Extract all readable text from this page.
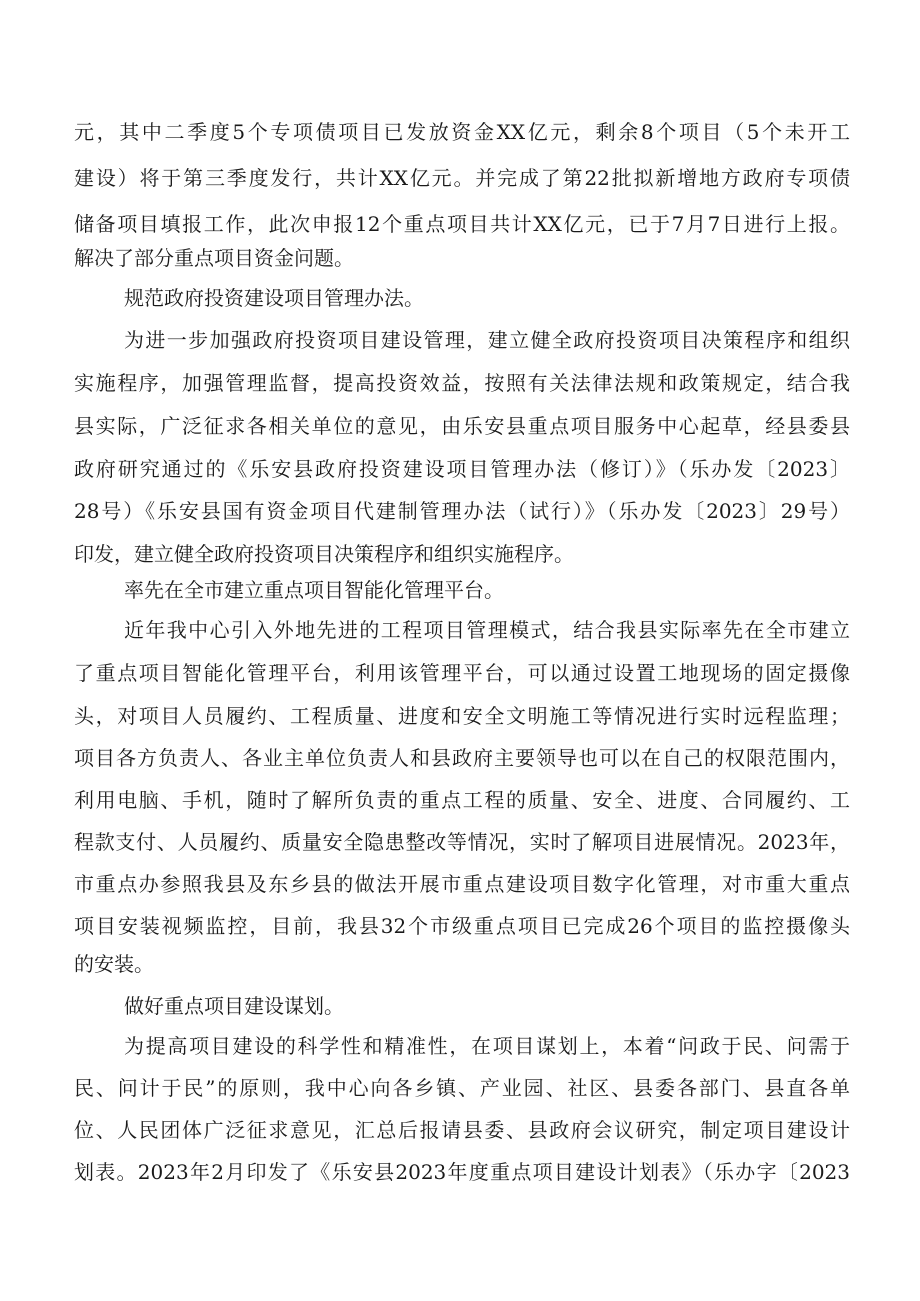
元，其中二季度5个专项债项目已发放资金XX亿元，剩余8个项目（5个未开工
建设）将于第三季度发行，共计XX亿元。并完成了第22批拟新增地方政府专项债
储备项目填报工作，此次申报12个重点项目共计XX亿元，已于7月7日进行上报。
解决了部分重点项目资金问题。
规范政府投资建设项目管理办法。
为进一步加强政府投资项目建设管理，建立健全政府投资项目决策程序和组织
实施程序，加强管理监督，提高投资效益，按照有关法律法规和政策规定，结合我
县实际，广泛征求各相关单位的意见，由乐安县重点项目服务中心起草，经县委县
政府研究通过的《乐安县政府投资建设项目管理办法（修订）》（乐办发〔2023〕
28号）《乐安县国有资金项目代建制管理办法（试行）》（乐办发〔2023〕29号）
印发，建立健全政府投资项目决策程序和组织实施程序。
率先在全市建立重点项目智能化管理平台。
近年我中心引入外地先进的工程项目管理模式，结合我县实际率先在全市建立
了重点项目智能化管理平台，利用该管理平台，可以通过设置工地现场的固定摄像
头，对项目人员履约、工程质量、进度和安全文明施工等情况进行实时远程监理；
项目各方负责人、各业主单位负责人和县政府主要领导也可以在自己的权限范围内，
利用电脑、手机，随时了解所负责的重点工程的质量、安全、进度、合同履约、工
程款支付、人员履约、质量安全隐患整改等情况，实时了解项目进展情况。2023年，
市重点办参照我县及东乡县的做法开展市重点建设项目数字化管理，对市重大重点
项目安装视频监控，目前，我县32个市级重点项目已完成26个项目的监控摄像头
的安装。
做好重点项目建设谋划。
为提高项目建设的科学性和精准性，在项目谋划上，本着“问政于民、问需于
民、问计于民”的原则，我中心向各乡镇、产业园、社区、县委各部门、县直各单
位、人民团体广泛征求意见，汇总后报请县委、县政府会议研究，制定项目建设计
划表。2023年2月印发了《乐安县2023年度重点项目建设计划表》（乐办字〔2023
